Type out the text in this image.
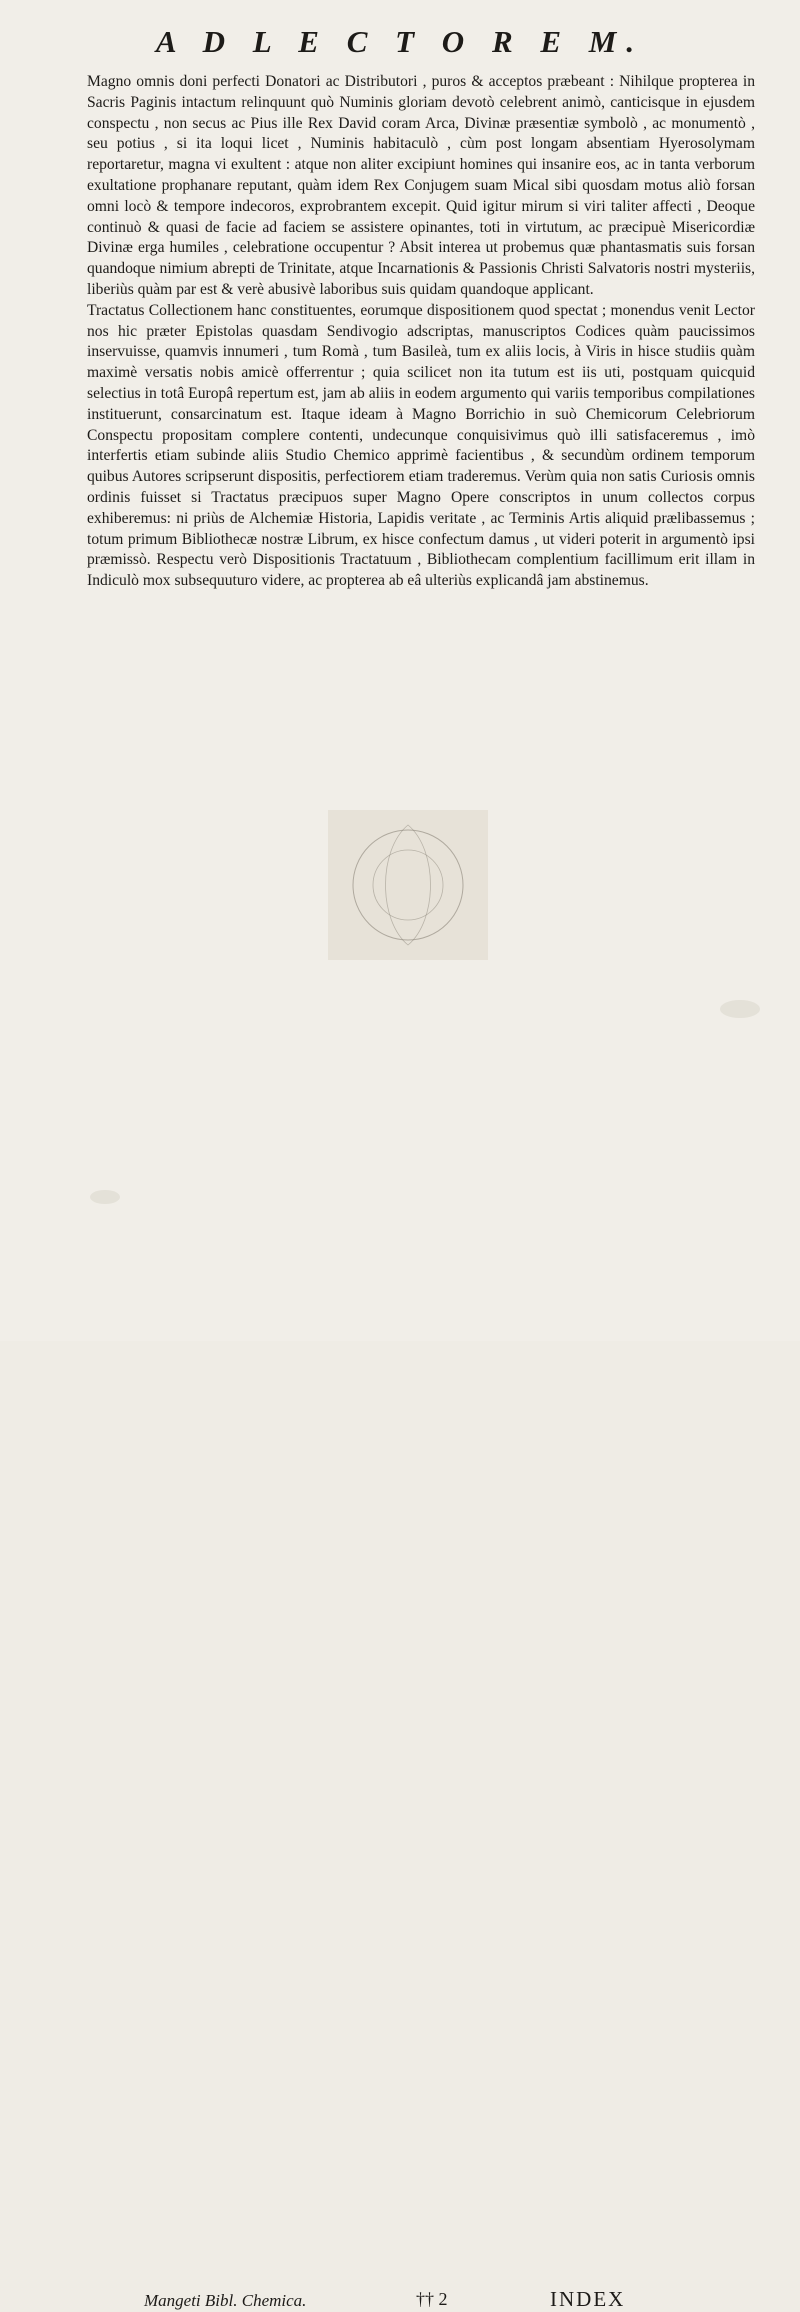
A D L E C T O R E M.

Magno omnis doni perfecti Donatori ac Distributori , puros & acceptos præbeant : Nihilque propterea in Sacris Paginis intactum relinquunt quò Numinis gloriam devotò celebrent animò, canticisque in ejusdem conspectu , non secus ac Pius ille Rex David coram Arca, Divinæ præsentiæ symbolò , ac monumentò , seu potius , si ita loqui licet , Numinis habitaculò , cùm post longam absentiam Hyerosolymam reportaretur, magna vi exultent : atque non aliter excipiunt homines qui insanire eos, ac in tanta verborum exultatione prophanare reputant, quàm idem Rex Conjugem suam Mical sibi quosdam motus aliò forsan omni locò & tempore indecoros, exprobrantem excepit. Quid igitur mirum si viri taliter affecti , Deoque continuò & quasi de facie ad faciem se assistere opinantes, toti in virtutum, ac præcipuè Misericordiæ Divinæ erga humiles , celebratione occupentur ? Absit interea ut probemus quæ phantasmatis suis forsan quandoque nimium abrepti de Trinitate, atque Incarnationis & Passionis Christi Salvatoris nostri mysteriis, liberiùs quàm par est & verè abusivè laboribus suis quidam quandoque applicant.

Tractatus Collectionem hanc constituentes, eorumque dispositionem quod spectat ; monendus venit Lector nos hic præter Epistolas quasdam Sendivogio adscriptas, manuscriptos Codices quàm paucissimos inservuisse, quamvis innumeri , tum Romà , tum Basileà, tum ex aliis locis, à Viris in hisce studiis quàm maximè versatis nobis amicè offerrentur ; quia scilicet non ita tutum est iis uti, postquam quicquid selectius in totâ Europâ repertum est, jam ab aliis in eodem argumento qui variis temporibus compilationes instituerunt, consarcinatum est. Itaque ideam à Magno Borrichio in suò Chemicorum Celebriorum Conspectu propositam complere contenti, undecunque conquisivimus quò illi satisfaceremus , imò interfertis etiam subinde aliis Studio Chemico apprimè facientibus , & secundùm ordinem temporum quibus Autores scripserunt dispositis, perfectiorem etiam traderemus. Verùm quia non satis Curiosis omnis ordinis fuisset si Tractatus præcipuos super Magno Opere conscriptos in unum collectos corpus exhiberemus: ni priùs de Alchemiæ Historia, Lapidis veritate , ac Terminis Artis aliquid prælibassemus ; totum primum Bibliothecæ nostræ Librum, ex hisce confectum damus , ut videri poterit in argumentò ipsi præmissò. Respectu verò Dispositionis Tractatuum , Bibliothecam complentium facillimum erit illam in Indiculò mox subsequuturo videre, ac propterea ab eâ ulteriùs explicandâ jam abstinemus.

Mangeti Bibl. Chemica.	†† 2	INDEX
